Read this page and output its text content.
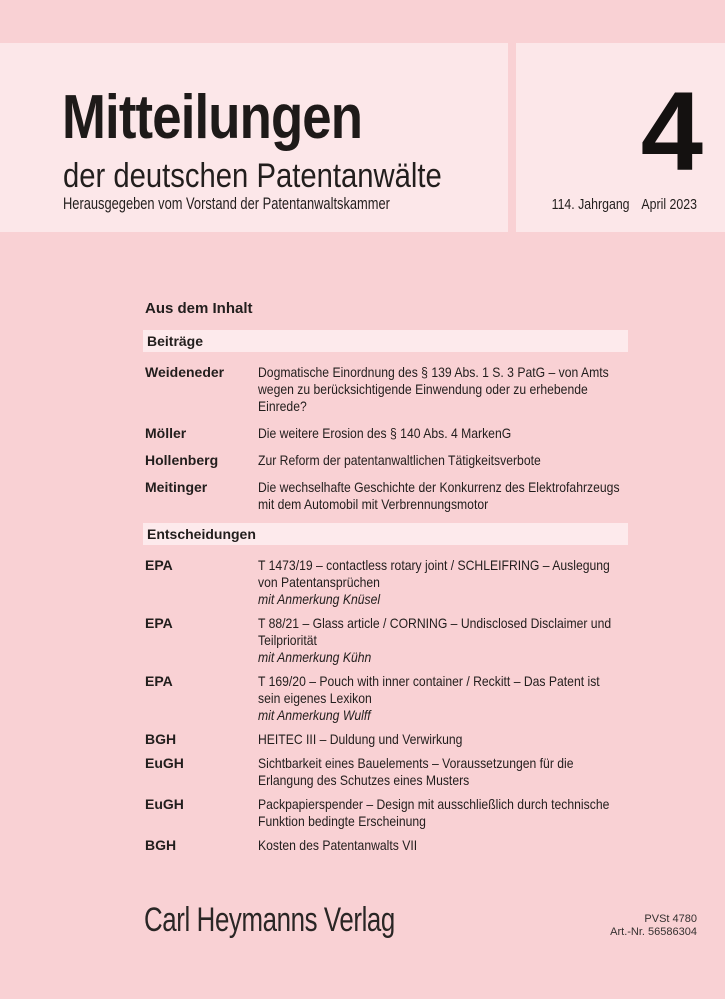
Mitteilungen
der deutschen Patentanwälte
Herausgegeben vom Vorstand der Patentanwaltskammer
4
114. Jahrgang April 2023
Aus dem Inhalt
Beiträge
Weideneder	Dogmatische Einordnung des § 139 Abs. 1 S. 3 PatG – von Amts
wegen zu berücksichtigende Einwendung oder zu erhebende
Einrede?
Möller	Die weitere Erosion des § 140 Abs. 4 MarkenG
Hollenberg	Zur Reform der patentanwaltlichen Tätigkeitsverbote
Meitinger	Die wechselhafte Geschichte der Konkurrenz des Elektrofahrzeugs
mit dem Automobil mit Verbrennungsmotor
Entscheidungen
EPA	T 1473/19 – contactless rotary joint / SCHLEIFRING – Auslegung
von Patentansprüchen
mit Anmerkung Knüsel
EPA	T 88/21 – Glass article / CORNING – Undisclosed Disclaimer und
Teilpriorität
mit Anmerkung Kühn
EPA	T 169/20 – Pouch with inner container / Reckitt – Das Patent ist
sein eigenes Lexikon
mit Anmerkung Wulff
BGH	HEITEC III – Duldung und Verwirkung
EuGH	Sichtbarkeit eines Bauelements – Voraussetzungen für die
Erlangung des Schutzes eines Musters
EuGH	Packpapierspender – Design mit ausschließlich durch technische
Funktion bedingte Erscheinung
BGH	Kosten des Patentanwalts VII
Carl Heymanns Verlag	PVSt 4780
Art.-Nr. 56586304
